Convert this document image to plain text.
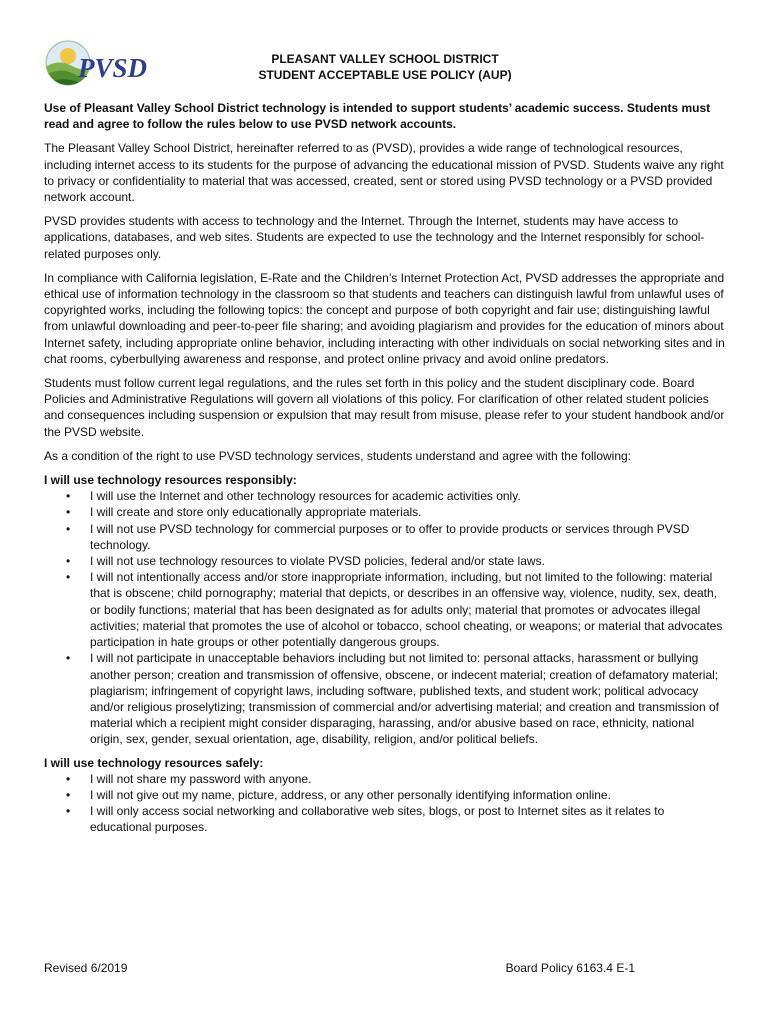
PVSD	PLEASANT VALLEY SCHOOL DISTRICT
STUDENT ACCEPTABLE USE POLICY (AUP)

Use of Pleasant Valley School District technology is intended to support students’ academic success. Students must read and agree to follow the rules below to use PVSD network accounts.

The Pleasant Valley School District, hereinafter referred to as (PVSD), provides a wide range of technological resources, including internet access to its students for the purpose of advancing the educational mission of PVSD. Students waive any right to privacy or confidentiality to material that was accessed, created, sent or stored using PVSD technology or a PVSD provided network account.

PVSD provides students with access to technology and the Internet. Through the Internet, students may have access to applications, databases, and web sites. Students are expected to use the technology and the Internet responsibly for school-related purposes only.

In compliance with California legislation, E-Rate and the Children’s Internet Protection Act, PVSD addresses the appropriate and ethical use of information technology in the classroom so that students and teachers can distinguish lawful from unlawful uses of copyrighted works, including the following topics: the concept and purpose of both copyright and fair use; distinguishing lawful from unlawful downloading and peer-to-peer file sharing; and avoiding plagiarism and provides for the education of minors about Internet safety, including appropriate online behavior, including interacting with other individuals on social networking sites and in chat rooms, cyberbullying awareness and response, and protect online privacy and avoid online predators.

Students must follow current legal regulations, and the rules set forth in this policy and the student disciplinary code. Board Policies and Administrative Regulations will govern all violations of this policy. For clarification of other related student policies and consequences including suspension or expulsion that may result from misuse, please refer to your student handbook and/or the PVSD website.

As a condition of the right to use PVSD technology services, students understand and agree with the following:

I will use technology resources responsibly:
• I will use the Internet and other technology resources for academic activities only.
• I will create and store only educationally appropriate materials.
• I will not use PVSD technology for commercial purposes or to offer to provide products or services through PVSD technology.
• I will not use technology resources to violate PVSD policies, federal and/or state laws.
• I will not intentionally access and/or store inappropriate information, including, but not limited to the following: material that is obscene; child pornography; material that depicts, or describes in an offensive way, violence, nudity, sex, death, or bodily functions; material that has been designated as for adults only; material that promotes or advocates illegal activities; material that promotes the use of alcohol or tobacco, school cheating, or weapons; or material that advocates participation in hate groups or other potentially dangerous groups.
• I will not participate in unacceptable behaviors including but not limited to: personal attacks, harassment or bullying another person; creation and transmission of offensive, obscene, or indecent material; creation of defamatory material; plagiarism; infringement of copyright laws, including software, published texts, and student work; political advocacy and/or religious proselytizing; transmission of commercial and/or advertising material; and creation and transmission of material which a recipient might consider disparaging, harassing, and/or abusive based on race, ethnicity, national origin, sex, gender, sexual orientation, age, disability, religion, and/or political beliefs.
I will use technology resources safely:
• I will not share my password with anyone.
• I will not give out my name, picture, address, or any other personally identifying information online.
• I will only access social networking and collaborative web sites, blogs, or post to Internet sites as it relates to educational purposes.
Revised 6/2019	Board Policy 6163.4 E-1
